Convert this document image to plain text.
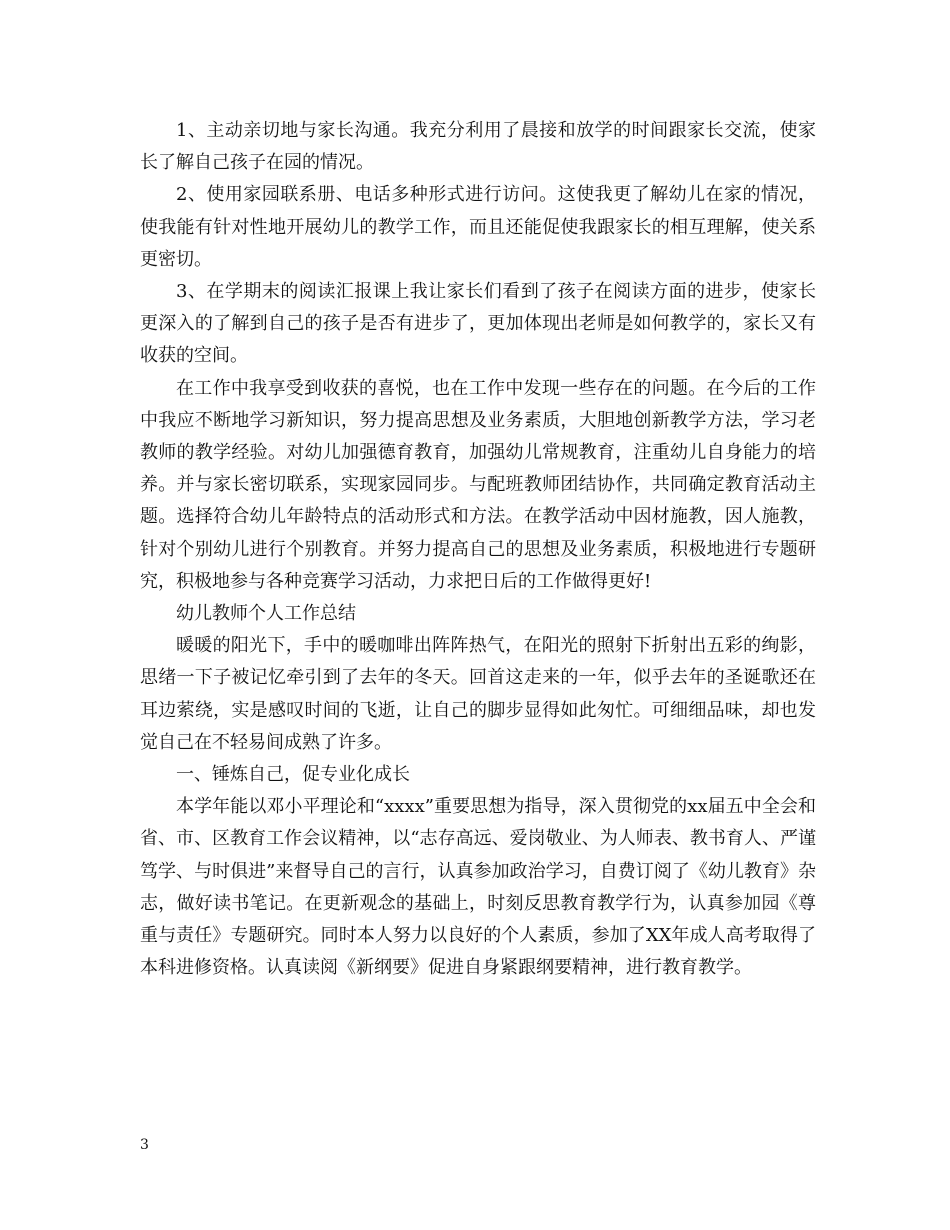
1、主动亲切地与家长沟通。我充分利用了晨接和放学的时间跟家长交流，使家长了解自己孩子在园的情况。

2、使用家园联系册、电话多种形式进行访问。这使我更了解幼儿在家的情况，使我能有针对性地开展幼儿的教学工作，而且还能促使我跟家长的相互理解，使关系更密切。

3、在学期末的阅读汇报课上我让家长们看到了孩子在阅读方面的进步，使家长更深入的了解到自己的孩子是否有进步了，更加体现出老师是如何教学的，家长又有收获的空间。

在工作中我享受到收获的喜悦，也在工作中发现一些存在的问题。在今后的工作中我应不断地学习新知识，努力提高思想及业务素质，大胆地创新教学方法，学习老教师的教学经验。对幼儿加强德育教育，加强幼儿常规教育，注重幼儿自身能力的培养。并与家长密切联系，实现家园同步。与配班教师团结协作，共同确定教育活动主题。选择符合幼儿年龄特点的活动形式和方法。在教学活动中因材施教，因人施教，针对个别幼儿进行个别教育。并努力提高自己的思想及业务素质，积极地进行专题研究，积极地参与各种竞赛学习活动，力求把日后的工作做得更好!

幼儿教师个人工作总结

暖暖的阳光下，手中的暖咖啡出阵阵热气，在阳光的照射下折射出五彩的绚影，思绪一下子被记忆牵引到了去年的冬天。回首这走来的一年，似乎去年的圣诞歌还在耳边萦绕，实是感叹时间的飞逝，让自己的脚步显得如此匆忙。可细细品味，却也发觉自己在不轻易间成熟了许多。

一、锤炼自己，促专业化成长

本学年能以邓小平理论和“xxxx”重要思想为指导，深入贯彻党的xx届五中全会和省、市、区教育工作会议精神，以“志存高远、爱岗敬业、为人师表、教书育人、严谨笃学、与时俱进”来督导自己的言行，认真参加政治学习，自费订阅了《幼儿教育》杂志，做好读书笔记。在更新观念的基础上，时刻反思教育教学行为，认真参加园《尊重与责任》专题研究。同时本人努力以良好的个人素质，参加了XX年成人高考取得了本科进修资格。认真读阅《新纲要》促进自身紧跟纲要精神，进行教育教学。

3
